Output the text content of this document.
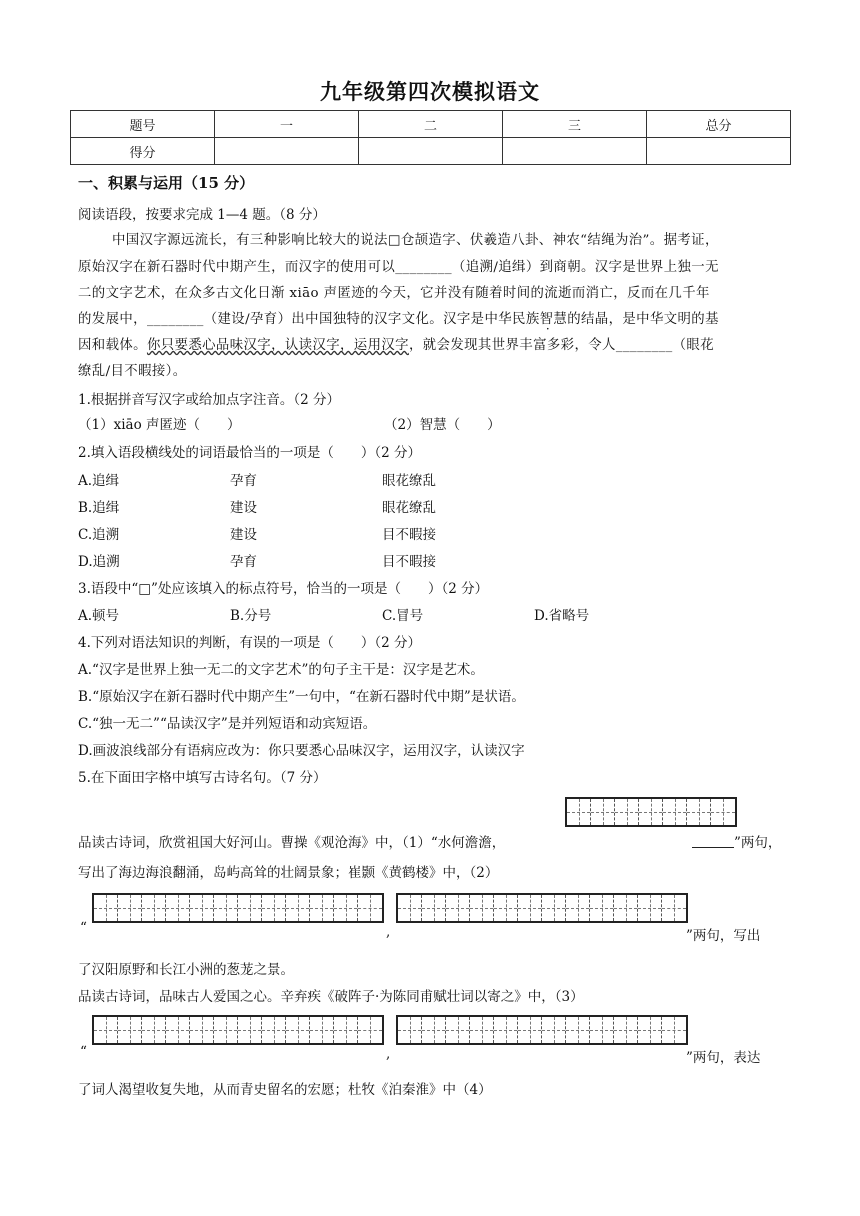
九年级第四次模拟语文
题号	一	二	三	总分
得分				
一、积累与运用（15 分）
阅读语段，按要求完成 1—4 题。（8 分）
中国汉字源远流长，有三种影响比较大的说法□仓颉造字、伏羲造八卦、神农“结绳为治”。据考证，
原始汉字在新石器时代中期产生，而汉字的使用可以________（追溯/追缉）到商朝。汉字是世界上独一无
二的文字艺术，在众多古文化日渐 xiāo 声匿迹的今天，它并没有随着时间的流逝而消亡，反而在几千年
的发展中，________（建设/孕育）出中国独特的汉字文化。汉字是中华民族智慧的结晶，是中华文明的基
因和载体。你只要悉心品味汉字，认读汉字，运用汉字，就会发现其世界丰富多彩，令人________（眼花
缭乱/目不暇接）。
1.根据拼音写汉字或给加点字注音。（2 分）
（1）xiāo 声匿迹（　　）	（2）智慧（　　）
2.填入语段横线处的词语最恰当的一项是（　　）（2 分）
A.追缉	孕育	眼花缭乱
B.追缉	建设	眼花缭乱
C.追溯	建设	目不暇接
D.追溯	孕育	目不暇接
3.语段中“□”处应该填入的标点符号，恰当的一项是（　　）（2 分）
A.顿号	B.分号	C.冒号	D.省略号
4.下列对语法知识的判断，有误的一项是（　　）（2 分）
A.“汉字是世界上独一无二的文字艺术”的句子主干是：汉字是艺术。
B.“原始汉字在新石器时代中期产生”一句中，“在新石器时代中期”是状语。
C.“独一无二”“品读汉字”是并列短语和动宾短语。
D.画波浪线部分有语病应改为：你只要悉心品味汉字，运用汉字，认读汉字
5.在下面田字格中填写古诗名句。（7 分）
品读古诗词，欣赏祖国大好河山。曹操《观沧海》中，（1）“水何澹澹，	”两句，
写出了海边海浪翻涌，岛屿高耸的壮阔景象；崔颢《黄鹤楼》中，（2）
“	,	”两句，写出
了汉阳原野和长江小洲的葱茏之景。
品读古诗词，品味古人爱国之心。辛弃疾《破阵子·为陈同甫赋壮词以寄之》中，（3）
“	,	”两句，表达
了词人渴望收复失地，从而青史留名的宏愿；杜牧《泊秦淮》中（4）
